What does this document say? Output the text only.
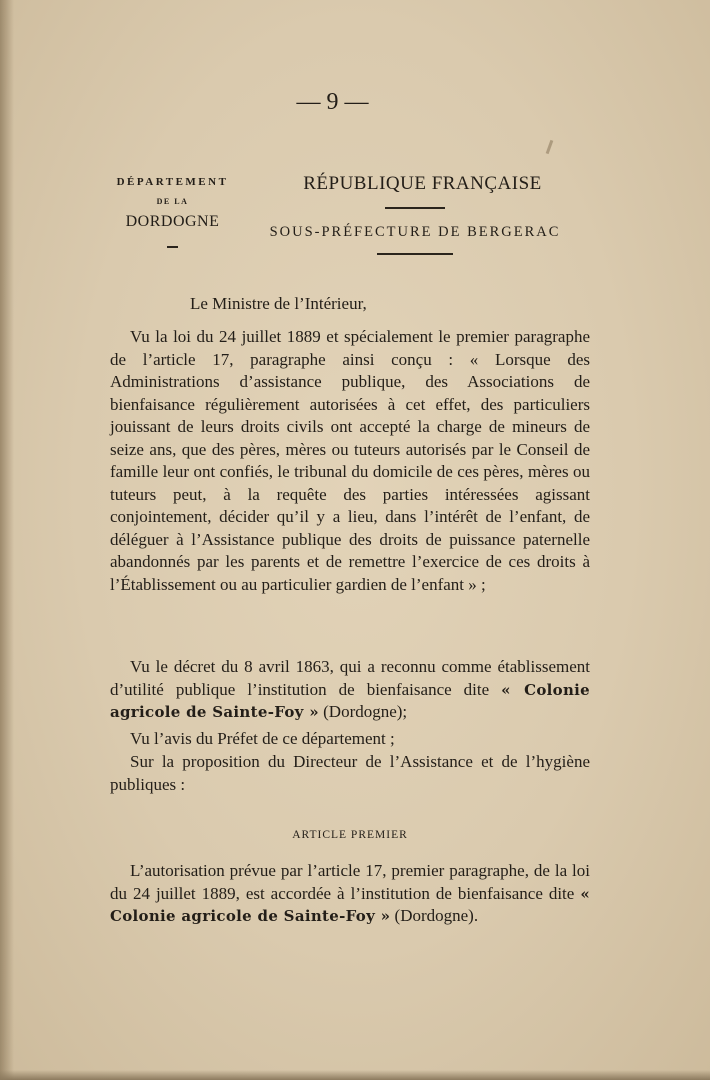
— 9 —
DÉPARTEMENT
DE LA
DORDOGNE
RÉPUBLIQUE FRANÇAISE
SOUS-PRÉFECTURE DE BERGERAC

Le Ministre de l’Intérieur,

Vu la loi du 24 juillet 1889 et spécialement le premier paragraphe de l’article 17, paragraphe ainsi conçu : « Lorsque des Administrations d’assistance publique, des Associations de bienfaisance régulièrement autorisées à cet effet, des particuliers jouissant de leurs droits civils ont accepté la charge de mineurs de seize ans, que des pères, mères ou tuteurs autorisés par le Conseil de famille leur ont confiés, le tribunal du domicile de ces pères, mères ou tuteurs peut, à la requête des parties intéressées agissant conjointement, décider qu’il y a lieu, dans l’intérêt de l’enfant, de déléguer à l’Assistance publique des droits de puissance paternelle abandonnés par les parents et de remettre l’exercice de ces droits à l’Établissement ou au particulier gardien de l’enfant » ;

Vu le décret du 8 avril 1863, qui a reconnu comme établissement d’utilité publique l’institution de bienfaisance dite « Colonie agricole de Sainte-Foy » (Dordogne);

Vu l’avis du Préfet de ce département ;

Sur la proposition du Directeur de l’Assistance et de l’hygiène publiques :

ARTICLE PREMIER

L’autorisation prévue par l’article 17, premier paragraphe, de la loi du 24 juillet 1889, est accordée à l’institution de bienfaisance dite « Colonie agricole de Sainte-Foy » (Dordogne).
